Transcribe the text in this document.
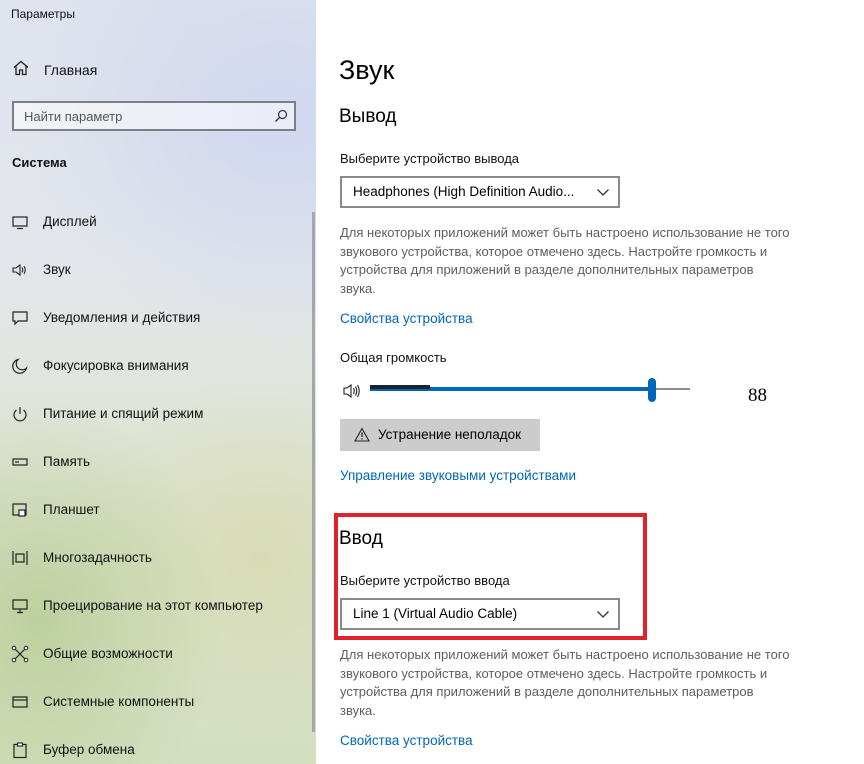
Параметры
Главная
Найти параметр
Система
Дисплей
Звук
Уведомления и действия
Фокусировка внимания
Питание и спящий режим
Память
Планшет
Многозадачность
Проецирование на этот компьютер
Общие возможности
Системные компоненты
Буфер обмена
Звук
Вывод
Выберите устройство вывода
Headphones (High Definition Audio...
Для некоторых приложений может быть настроено использование не того звукового устройства, которое отмечено здесь. Настройте громкость и устройства для приложений в разделе дополнительных параметров звука.
Свойства устройства
Общая громкость
88
Устранение неполадок
Управление звуковыми устройствами
Ввод
Выберите устройство ввода
Line 1 (Virtual Audio Cable)
Для некоторых приложений может быть настроено использование не того звукового устройства, которое отмечено здесь. Настройте громкость и устройства для приложений в разделе дополнительных параметров звука.
Свойства устройства
